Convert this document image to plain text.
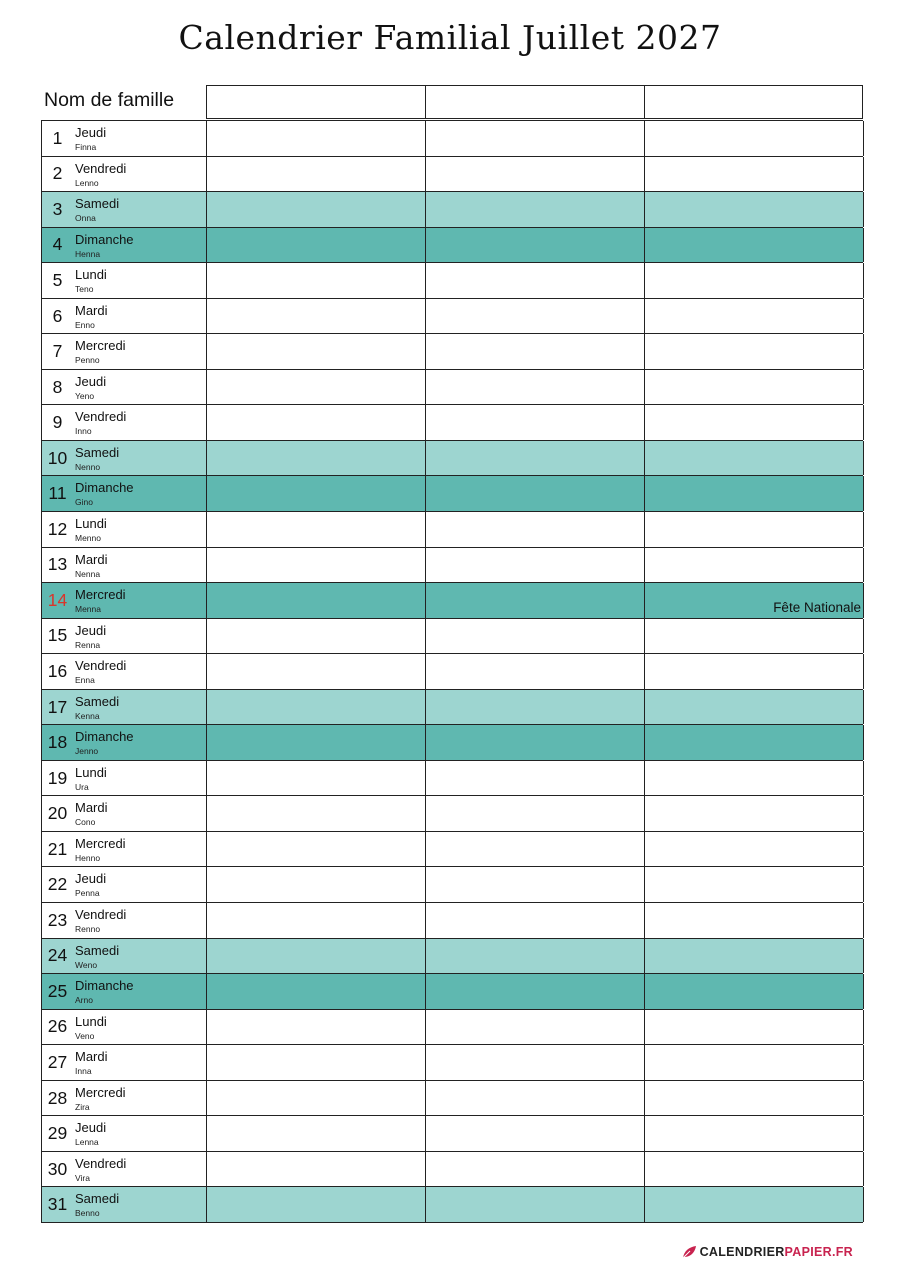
Calendrier Familial Juillet 2027
Nom de famille
1 Jeudi
Finna
2 Vendredi
Lenno
3 Samedi
Onna
4 Dimanche
Henna
5 Lundi
Teno
6 Mardi
Enno
7 Mercredi
Penno
8 Jeudi
Yeno
9 Vendredi
Inno
10 Samedi
Nenno
11 Dimanche
Gino
12 Lundi
Menno
13 Mardi
Nenna
14 Mercredi
Menna	Fête Nationale
15 Jeudi
Renna
16 Vendredi
Enna
17 Samedi
Kenna
18 Dimanche
Jenno
19 Lundi
Ura
20 Mardi
Cono
21 Mercredi
Henno
22 Jeudi
Penna
23 Vendredi
Renno
24 Samedi
Weno
25 Dimanche
Arno
26 Lundi
Veno
27 Mardi
Inna
28 Mercredi
Zira
29 Jeudi
Lenna
30 Vendredi
Vira
31 Samedi
Benno
CALENDRIER PAPIER.FR
